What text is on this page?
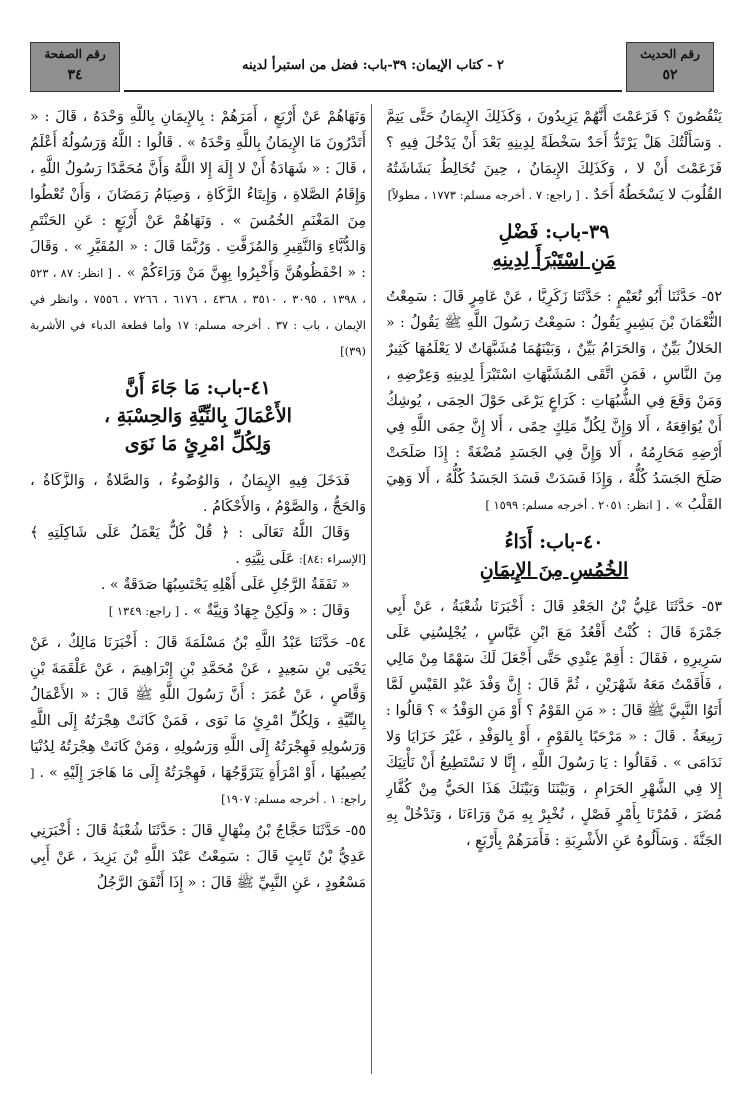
رقم الحديث
٥٢
٢ - كتاب الإيمان: ٣٩-باب: فضل من استبرأ لدينه
رقم الصفحة
٣٤

يَنْقُصُونَ ؟ فَزَعَمْتَ أَنَّهُمْ يَزِيدُونَ ، وَكَذَلِكَ الإِيمَانُ حَتَّى يَتِمَّ . وَسَأَلْتُكَ هَلْ يَرْتَدُّ أَحَدٌ سَخْطَةً لِدِينِهِ بَعْدَ أَنْ يَدْخُلَ فِيهِ ؟ فَزَعَمْتَ أَنْ لا ، وَكَذَلِكَ الإِيمَانُ ، حِينَ تُخَالِطُ بَشَاشَتُهُ القُلُوبَ لا يَسْخَطُهُ أَحَدٌ . [ راجع: ٧ . أخرجه مسلم: ١٧٧٣ ، مطولاً]

٣٩-باب: فَضْلِ
مَنِ اسْتَبْرَأَ لِدِينِهِ

٥٢- حَدَّثَنَا أَبُو نُعَيْمٍ : حَدَّثَنَا زَكَرِيَّا ، عَنْ عَامِرٍ قَالَ : سَمِعْتُ النُّعْمَانَ بْنَ بَشِيرٍ يَقُولُ : سَمِعْتُ رَسُولَ اللَّهِ ﷺ يَقُولُ : « الحَلالُ بَيِّنٌ ، وَالحَرَامُ بَيِّنٌ ، وَبَيْنَهُمَا مُشَبَّهَاتٌ لا يَعْلَمُهَا كَثِيرٌ مِنَ النَّاسِ ، فَمَنِ اتَّقَى المُشَبَّهَاتِ اسْتَبْرَأَ لِدِينِهِ وَعِرْضِهِ ، وَمَنْ وَقَعَ فِي الشُّبُهَاتِ : كَرَاعٍ يَرْعَى حَوْلَ الحِمَى ، يُوشِكُ أَنْ يُوَاقِعَهُ ، أَلا وَإِنَّ لِكُلِّ مَلِكٍ حِمًى ، أَلا إِنَّ حِمَى اللَّهِ فِي أَرْضِهِ مَحَارِمُهُ ، أَلا وَإِنَّ فِي الجَسَدِ مُضْغَةً : إِذَا صَلَحَتْ صَلَحَ الجَسَدُ كُلُّهُ ، وَإِذَا فَسَدَتْ فَسَدَ الجَسَدُ كُلُّهُ ، أَلا وَهِيَ القَلْبُ » . [ انظر: ٢٠٥١ . أخرجه مسلم: ١٥٩٩ ]

٤٠-باب: أَدَاءُ
الخُمُسِ مِنَ الإِيمَانِ

٥٣- حَدَّثَنَا عَلِيُّ بْنُ الجَعْدِ قَالَ : أَخْبَرَنَا شُعْبَةُ ، عَنْ أَبِي جَمْرَةَ قَالَ : كُنْتُ أَقْعُدُ مَعَ ابْنِ عَبَّاسٍ ، يُجْلِسُنِي عَلَى سَرِيرِهِ ، فَقَالَ : أَقِمْ عِنْدِي حَتَّى أَجْعَلَ لَكَ سَهْمًا مِنْ مَالِي ، فَأَقَمْتُ مَعَهُ شَهْرَيْنِ ، ثُمَّ قَالَ : إِنَّ وَفْدَ عَبْدِ القَيْسِ لَمَّا أَتَوُا النَّبِيَّ ﷺ قَالَ : « مَنِ القَوْمُ ؟ أَوْ مَنِ الوَفْدُ » ؟ قَالُوا : رَبِيعَةُ . قَالَ : « مَرْحَبًا بِالقَوْمِ ، أَوْ بِالوَفْدِ ، غَيْرَ خَزَايَا وَلا نَدَامَى » . فَقَالُوا : يَا رَسُولَ اللَّهِ ، إِنَّا لا نَسْتَطِيعُ أَنْ نَأْتِيَكَ إِلا فِي الشَّهْرِ الحَرَامِ ، وَبَيْنَنَا وَبَيْنَكَ هَذَا الحَيُّ مِنْ كُفَّارِ مُضَرَ ، فَمُرْنَا بِأَمْرٍ فَصْلٍ ، نُخْبِرْ بِهِ مَنْ وَرَاءَنَا ، وَنَدْخُلْ بِهِ الجَنَّةَ . وَسَأَلُوهُ عَنِ الأَشْرِبَةِ : فَأَمَرَهُمْ بِأَرْبَعٍ ،

وَنَهَاهُمْ عَنْ أَرْبَعٍ ، أَمَرَهُمْ : بِالإِيمَانِ بِاللَّهِ وَحْدَهُ ، قَالَ : « أَتَدْرُونَ مَا الإِيمَانُ بِاللَّهِ وَحْدَهُ » . قَالُوا : اللَّهُ وَرَسُولُهُ أَعْلَمُ ، قَالَ : « شَهَادَةُ أَنْ لا إِلَهَ إِلا اللَّهُ وَأَنَّ مُحَمَّدًا رَسُولُ اللَّهِ ، وَإِقَامُ الصَّلاةِ ، وَإِيتَاءُ الزَّكَاةِ ، وَصِيَامُ رَمَضَانَ ، وَأَنْ تُعْطُوا مِنَ المَغْنَمِ الخُمُسَ » . وَنَهَاهُمْ عَنْ أَرْبَعٍ : عَنِ الحَنْتَمِ وَالدُّبَّاءِ وَالنَّقِيرِ وَالمُزَفَّتِ . وَرُبَّمَا قَالَ : « المُقَيَّرِ » . وَقَالَ : « احْفَظُوهُنَّ وَأَخْبِرُوا بِهِنَّ مَنْ وَرَاءَكُمْ » . [ انظر: ٨٧ ، ٥٢٣ ، ١٣٩٨ ، ٣٠٩٥ ، ٣٥١٠ ، ٤٣٦٨ ، ٦١٧٦ ، ٧٢٦٦ ، ٧٥٥٦ ، وانظر في الإيمان ، باب : ٣٧ . أخرجه مسلم: ١٧ وأما قطعة الدباء في الأشربة (٣٩)]

٤١-باب: مَا جَاءَ أَنَّ
الأَعْمَالَ بِالنِّيَّةِ وَالحِسْبَةِ ،
وَلِكُلِّ امْرِئٍ مَا نَوَى

فَدَخَلَ فِيهِ الإِيمَانُ ، وَالوُضُوءُ ، وَالصَّلاةُ ، وَالزَّكَاةُ ، وَالحَجُّ ، وَالصَّوْمُ ، وَالأَحْكَامُ .

وَقَالَ اللَّهُ تَعَالَى : ﴿ قُلْ كُلٌّ يَعْمَلُ عَلَى شَاكِلَتِهِ ﴾ [الإسراء :٨٤]: عَلَى نِيَّتِهِ .

« نَفَقَةُ الرَّجُلِ عَلَى أَهْلِهِ يَحْتَسِبُهَا صَدَقَةٌ » .

وَقَالَ : « وَلَكِنْ جِهَادٌ وَنِيَّةٌ » . [ راجع: ١٣٤٩ ]

٥٤- حَدَّثَنَا عَبْدُ اللَّهِ بْنُ مَسْلَمَةَ قَالَ : أَخْبَرَنَا مَالِكٌ ، عَنْ يَحْيَى بْنِ سَعِيدٍ ، عَنْ مُحَمَّدِ بْنِ إِبْرَاهِيمَ ، عَنْ عَلْقَمَةَ بْنِ وَقَّاصٍ ، عَنْ عُمَرَ : أَنَّ رَسُولَ اللَّهِ ﷺ قَالَ : « الأَعْمَالُ بِالنِّيَّةِ ، وَلِكُلِّ امْرِئٍ مَا نَوَى ، فَمَنْ كَانَتْ هِجْرَتُهُ إِلَى اللَّهِ وَرَسُولِهِ فَهِجْرَتُهُ إِلَى اللَّهِ وَرَسُولِهِ ، وَمَنْ كَانَتْ هِجْرَتُهُ لِدُنْيَا يُصِيبُهَا ، أَوْ امْرَأَةٍ يَتَزَوَّجُهَا ، فَهِجْرَتُهُ إِلَى مَا هَاجَرَ إِلَيْهِ » . [ راجع: ١ . أخرجه مسلم: ١٩٠٧]

٥٥- حَدَّثَنَا حَجَّاجُ بْنُ مِنْهَالٍ قَالَ : حَدَّثَنَا شُعْبَةُ قَالَ : أَخْبَرَنِي عَدِيُّ بْنُ ثَابِتٍ قَالَ : سَمِعْتُ عَبْدَ اللَّهِ بْنَ يَزِيدَ ، عَنْ أَبِي مَسْعُودٍ ، عَنِ النَّبِيِّ ﷺ قَالَ : « إِذَا أَنْفَقَ الرَّجُلُ
